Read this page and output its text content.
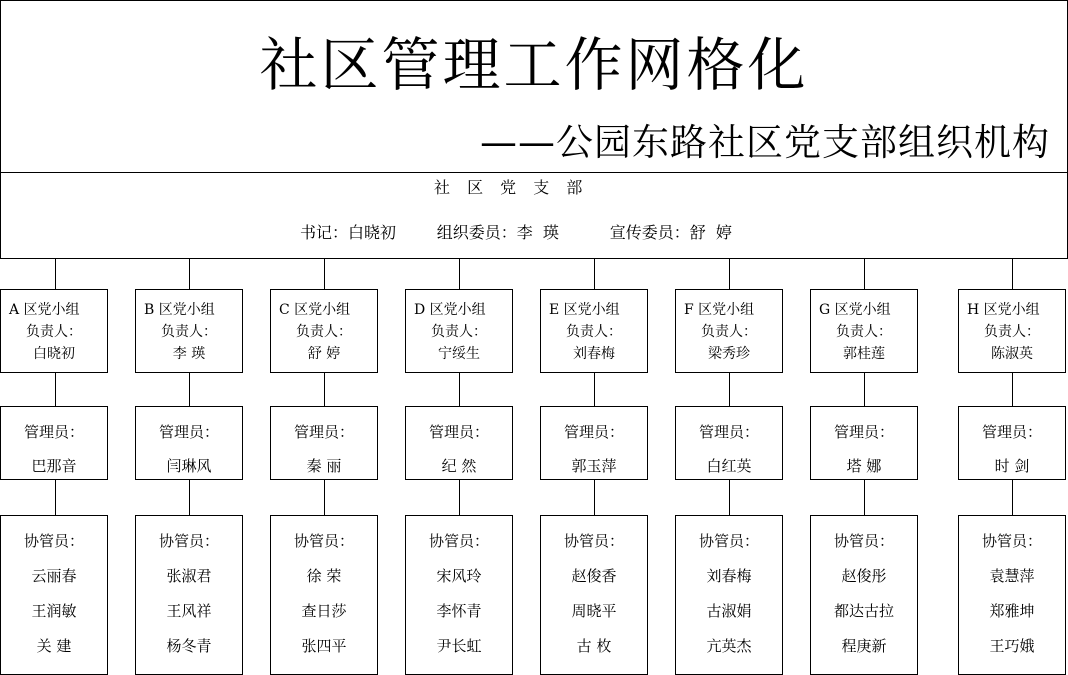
社区管理工作网格化
——公园东路社区党支部组织机构
社 区 党 支 部
书记：白晓初        组织委员：李  瑛          宣传委员：舒  婷
A 区党小组
负责人：
白晓初
管理员：
巴那音
协管员：
云丽春
王润敏
关 建
B 区党小组
负责人：
李 瑛
管理员：
闫琳风
协管员：
张淑君
王风祥
杨冬青
C 区党小组
负责人：
舒 婷
管理员：
秦 丽
协管员：
徐 荣
查日莎
张四平
D 区党小组
负责人：
宁绥生
管理员：
纪 然
协管员：
宋风玲
李怀青
尹长虹
E 区党小组
负责人：
刘春梅
管理员：
郭玉萍
协管员：
赵俊香
周晓平
古 枚
F 区党小组
负责人：
梁秀珍
管理员：
白红英
协管员：
刘春梅
古淑娟
亢英杰
G 区党小组
负责人：
郭桂莲
管理员：
塔 娜
协管员：
赵俊彤
都达古拉
程庚新
H 区党小组
负责人：
陈淑英
管理员：
时 剑
协管员：
袁慧萍
郑雅坤
王巧娥
